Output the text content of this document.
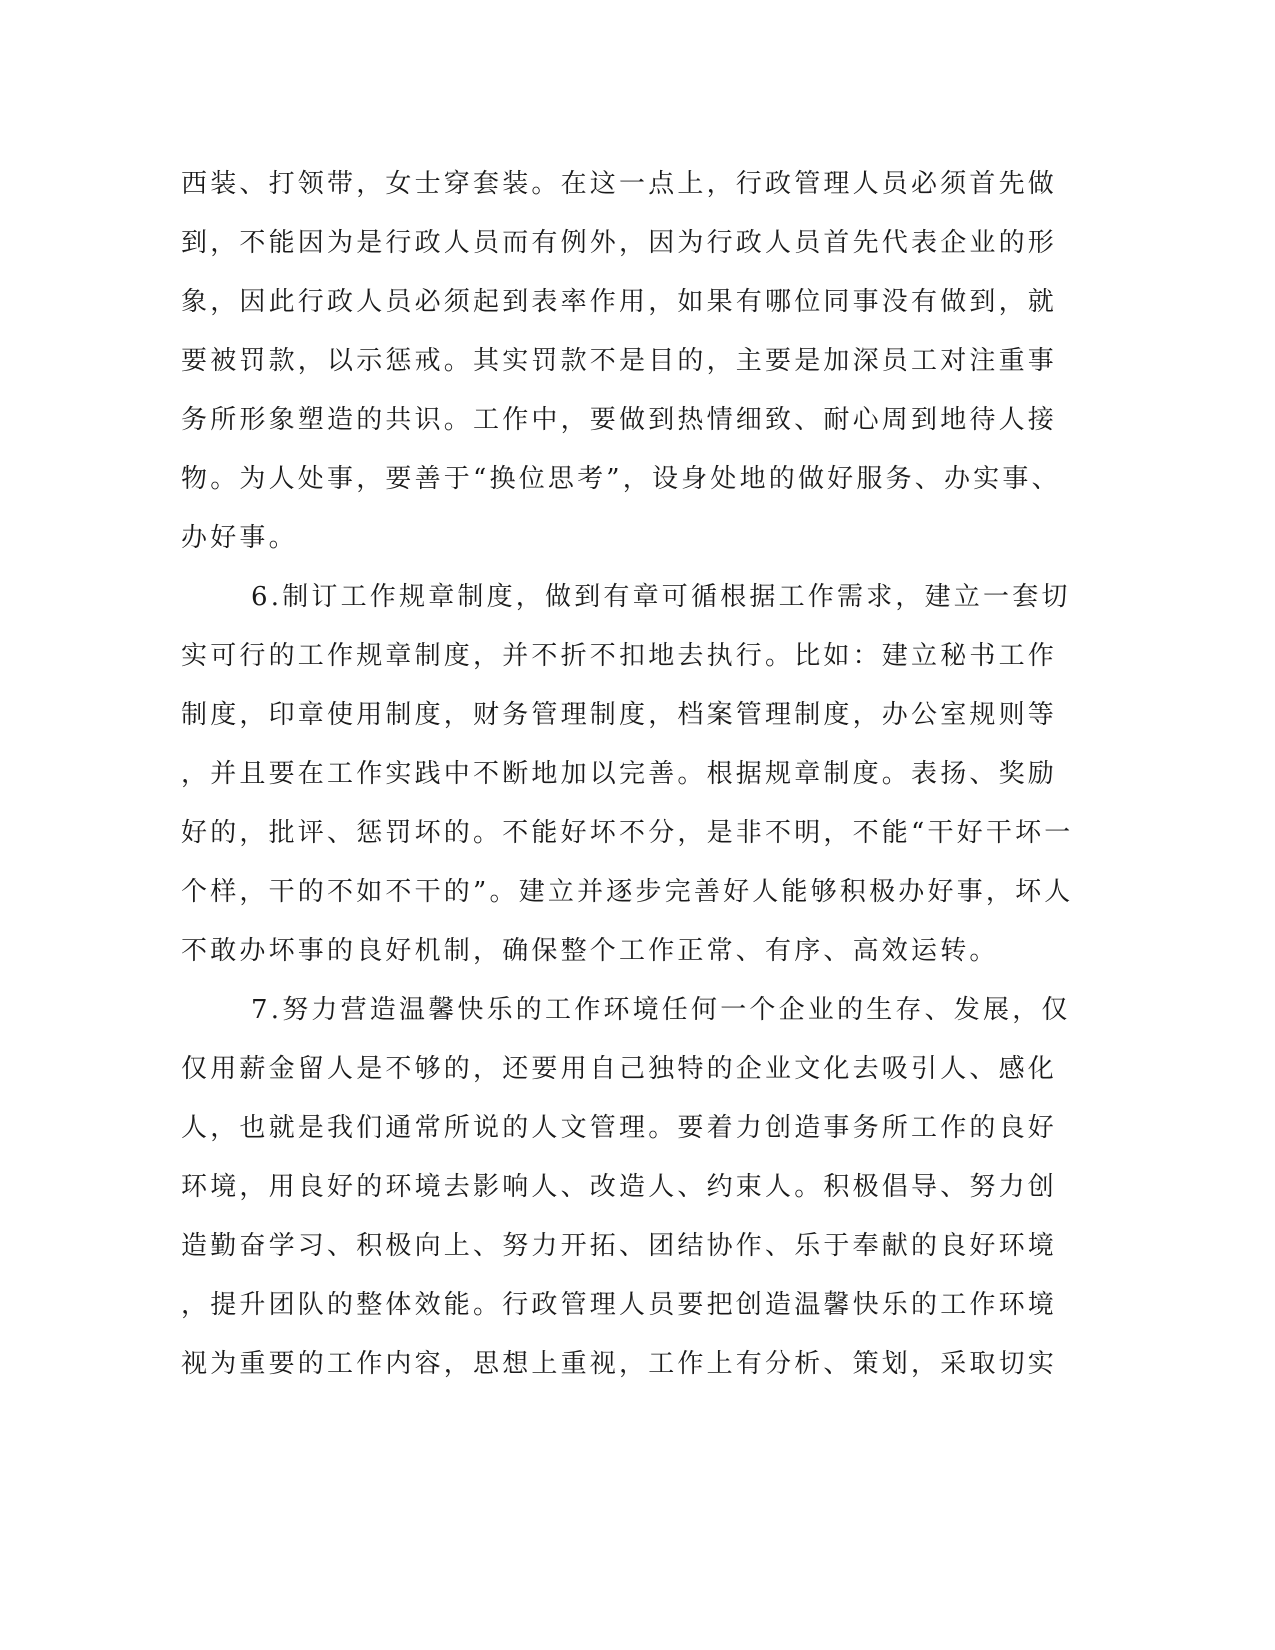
西装、打领带，女士穿套装。在这一点上，行政管理人员必须首先做
到，不能因为是行政人员而有例外，因为行政人员首先代表企业的形
象，因此行政人员必须起到表率作用，如果有哪位同事没有做到，就
要被罚款，以示惩戒。其实罚款不是目的，主要是加深员工对注重事
务所形象塑造的共识。工作中，要做到热情细致、耐心周到地待人接
物。为人处事，要善于“换位思考”，设身处地的做好服务、办实事、
办好事。
6.制订工作规章制度，做到有章可循根据工作需求，建立一套切
实可行的工作规章制度，并不折不扣地去执行。比如：建立秘书工作
制度，印章使用制度，财务管理制度，档案管理制度，办公室规则等
，并且要在工作实践中不断地加以完善。根据规章制度。表扬、奖励
好的，批评、惩罚坏的。不能好坏不分，是非不明，不能“干好干坏一
个样，干的不如不干的”。建立并逐步完善好人能够积极办好事，坏人
不敢办坏事的良好机制，确保整个工作正常、有序、高效运转。
7.努力营造温馨快乐的工作环境任何一个企业的生存、发展，仅
仅用薪金留人是不够的，还要用自己独特的企业文化去吸引人、感化
人，也就是我们通常所说的人文管理。要着力创造事务所工作的良好
环境，用良好的环境去影响人、改造人、约束人。积极倡导、努力创
造勤奋学习、积极向上、努力开拓、团结协作、乐于奉献的良好环境
，提升团队的整体效能。行政管理人员要把创造温馨快乐的工作环境
视为重要的工作内容，思想上重视，工作上有分析、策划，采取切实
